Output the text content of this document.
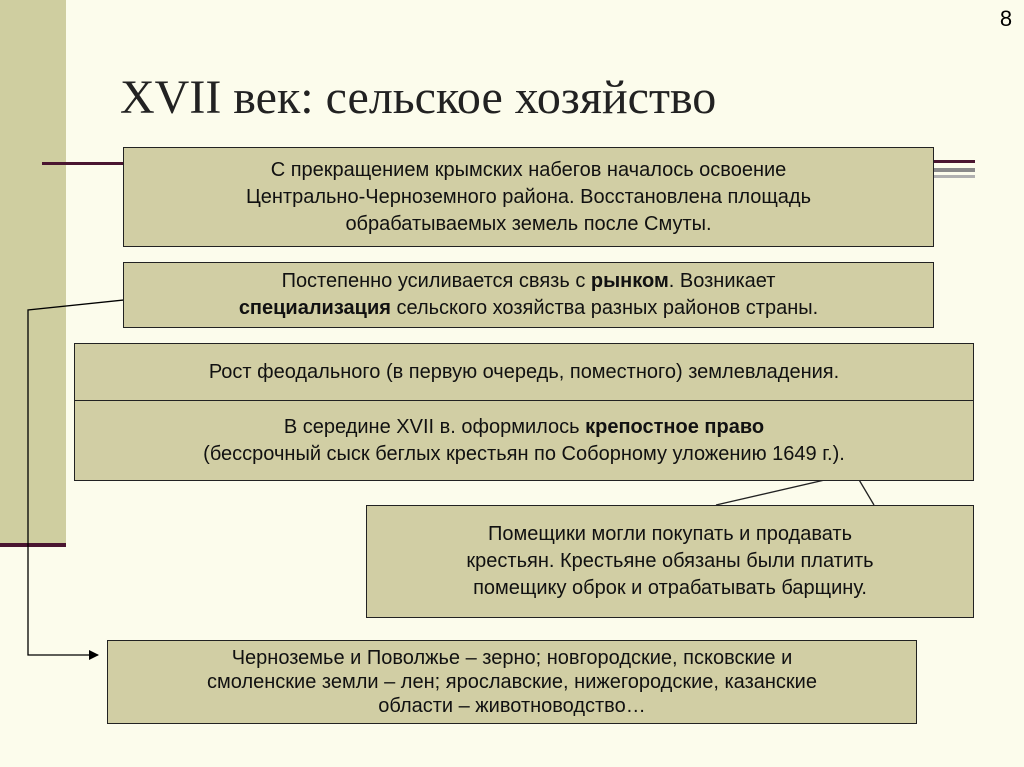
8
XVII век: сельское хозяйство
С прекращением крымских набегов началось освоение
Центрально-Черноземного района. Восстановлена площадь
обрабатываемых земель после Смуты.
Постепенно усиливается связь с рынком. Возникает
специализация сельского хозяйства разных районов страны.
Рост феодального (в первую очередь, поместного) землевладения.
В середине XVII в. оформилось крепостное право
(бессрочный сыск беглых крестьян по Соборному уложению 1649 г.).
Помещики могли покупать и продавать
крестьян. Крестьяне обязаны были платить
помещику оброк и отрабатывать барщину.
Черноземье и Поволжье – зерно; новгородские, псковские и
смоленские земли – лен; ярославские, нижегородские, казанские
области – животноводство…
